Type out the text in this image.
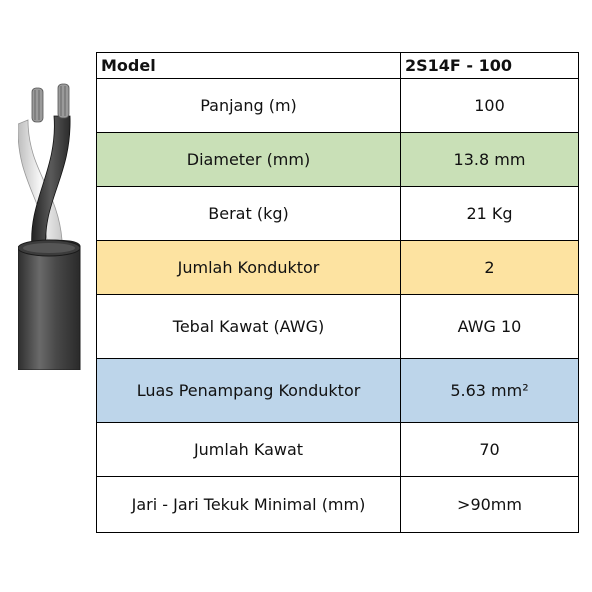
Model	2S14F - 100
Panjang (m)	100
Diameter (mm)	13.8 mm
Berat (kg)	21 Kg
Jumlah Konduktor	2
Tebal Kawat (AWG)	AWG 10
Luas Penampang Konduktor	5.63 mm²
Jumlah Kawat	70
Jari - Jari Tekuk Minimal (mm)	>90mm
